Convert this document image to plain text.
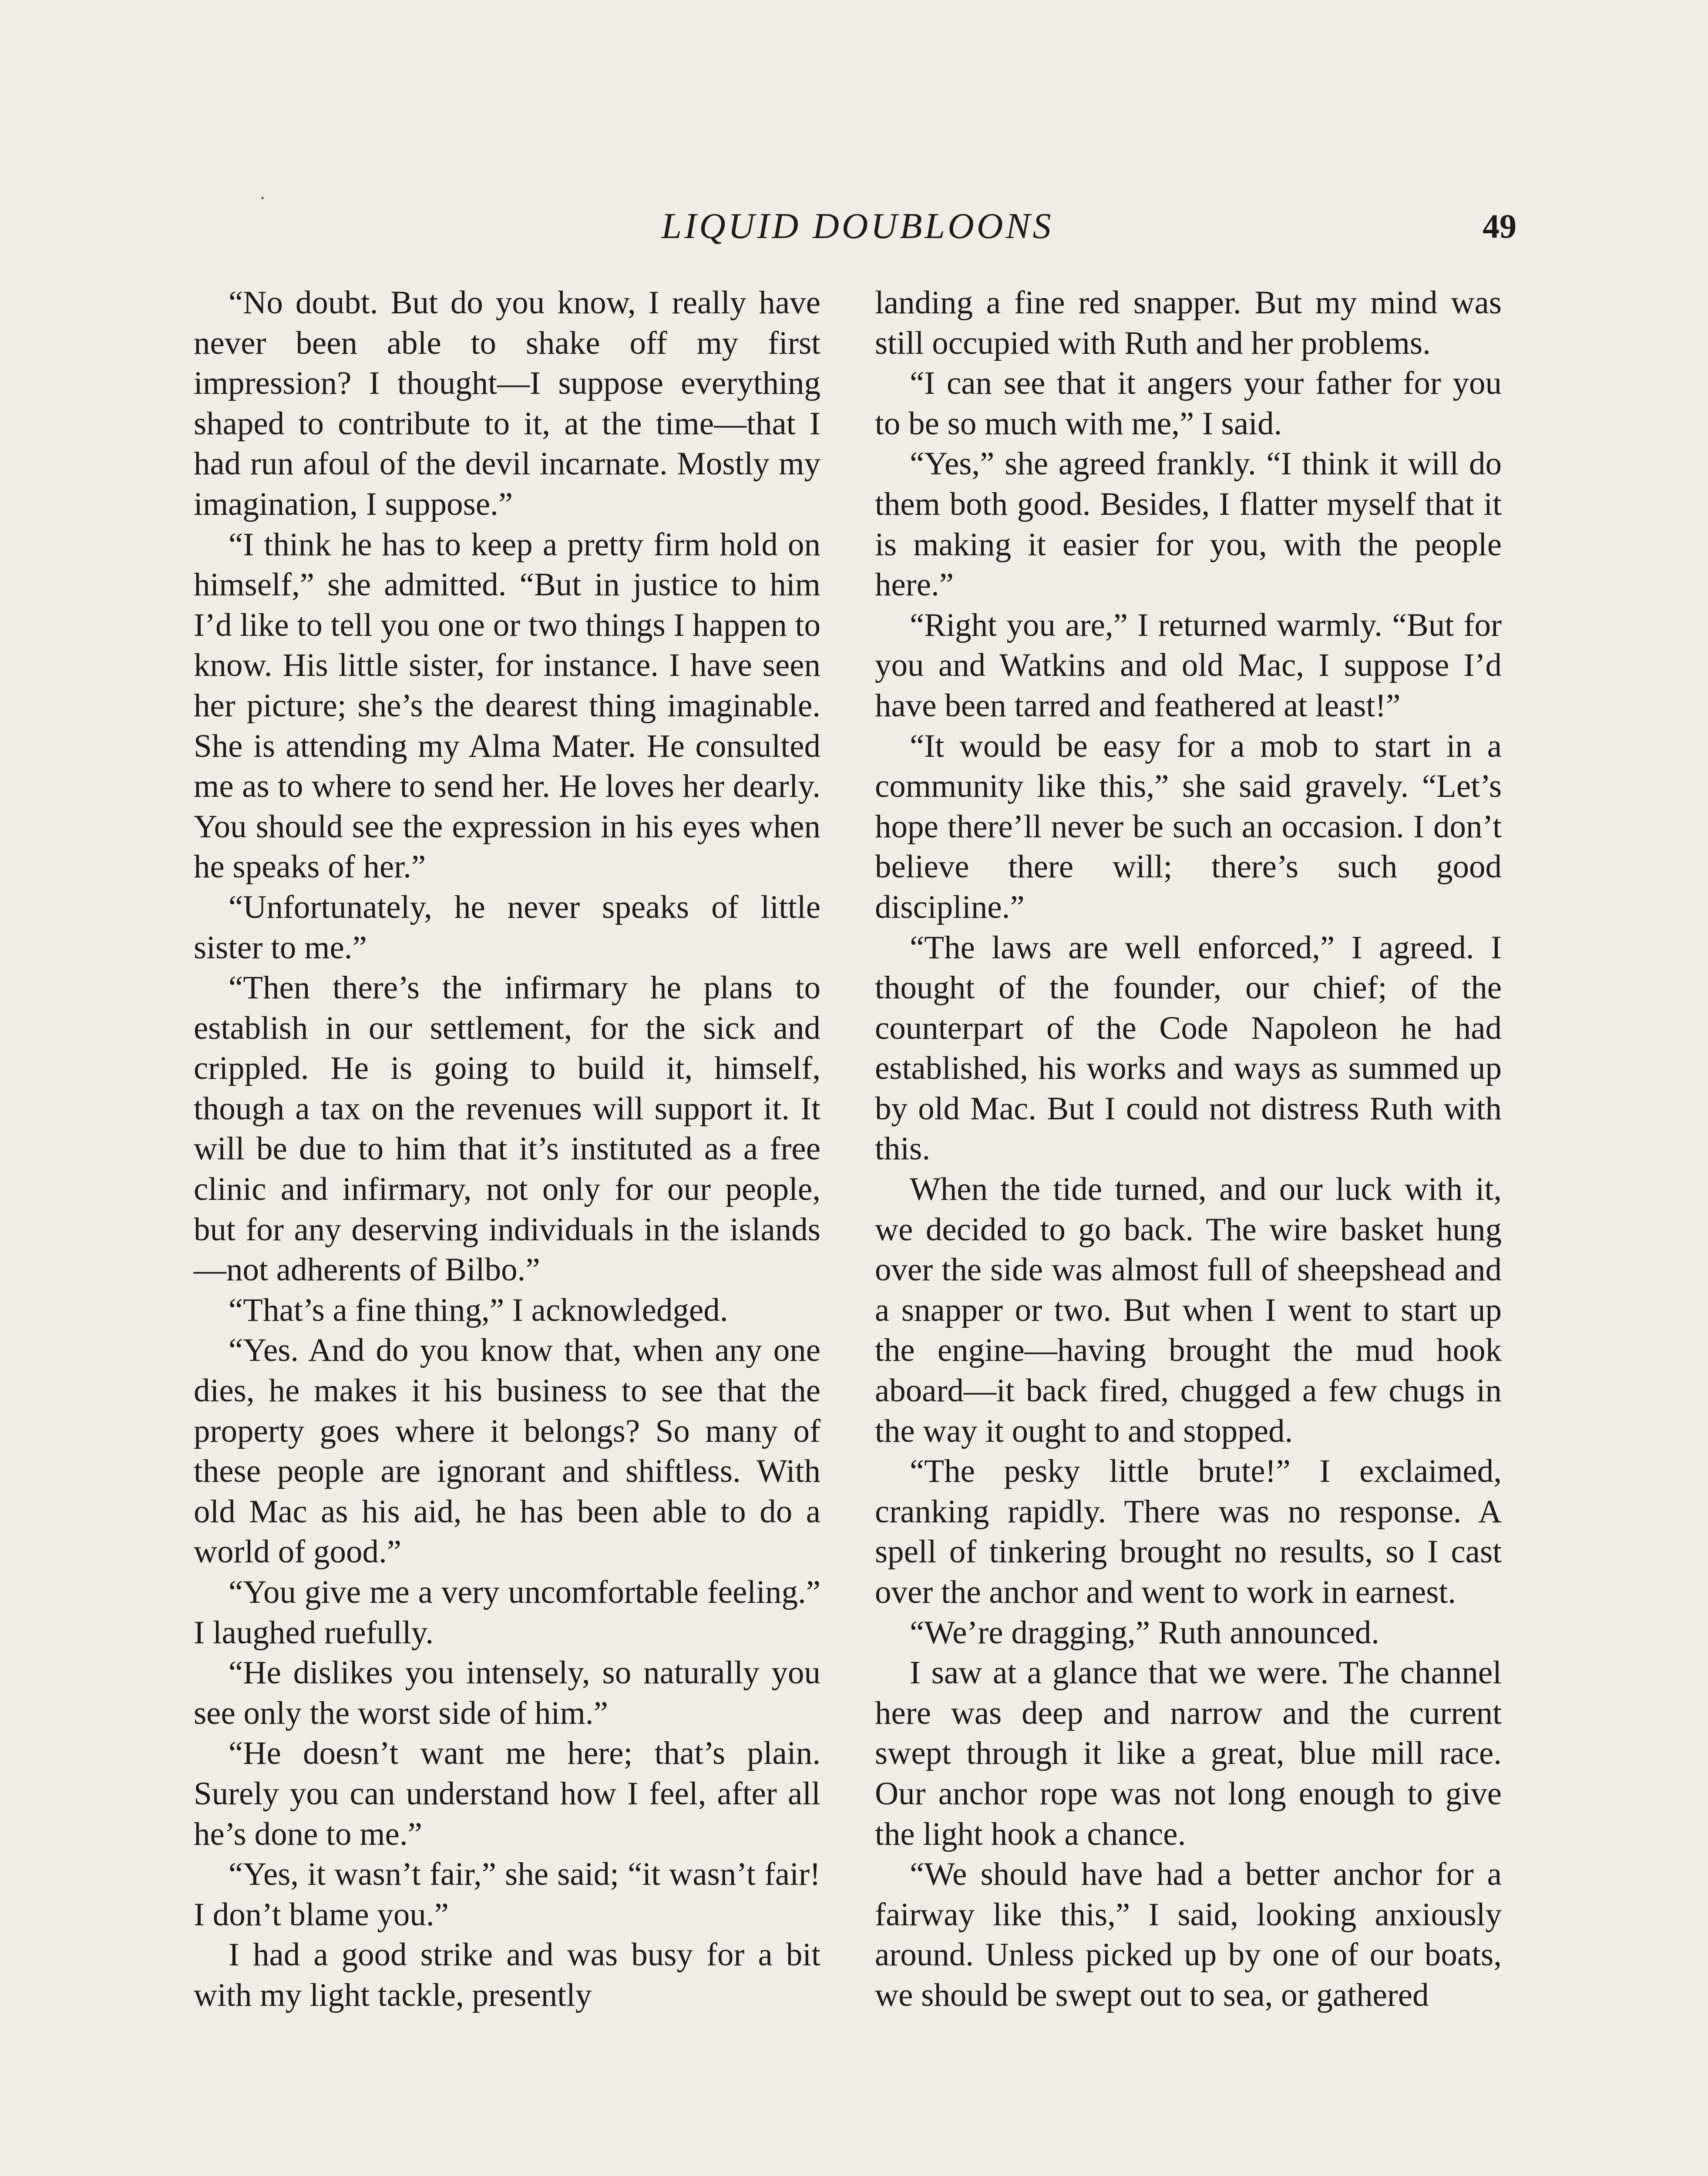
LIQUID DOUBLOONS	49

“No doubt. But do you know, I really have never been able to shake off my first impression? I thought—I suppose everything shaped to contribute to it, at the time—that I had run afoul of the devil incarnate. Mostly my imagination, I suppose.”

“I think he has to keep a pretty firm hold on himself,” she admitted. “But in justice to him I’d like to tell you one or two things I happen to know. His little sister, for instance. I have seen her picture; she’s the dearest thing imaginable. She is attending my Alma Mater. He consulted me as to where to send her. He loves her dearly. You should see the expression in his eyes when he speaks of her.”

“Unfortunately, he never speaks of little sister to me.”

“Then there’s the infirmary he plans to establish in our settlement, for the sick and crippled. He is going to build it, himself, though a tax on the revenues will support it. It will be due to him that it’s instituted as a free clinic and infirmary, not only for our people, but for any deserving individuals in the islands—not adherents of Bilbo.”

“That’s a fine thing,” I acknowledged.

“Yes. And do you know that, when any one dies, he makes it his business to see that the property goes where it belongs? So many of these people are ignorant and shiftless. With old Mac as his aid, he has been able to do a world of good.”

“You give me a very uncomfortable feeling.” I laughed ruefully.

“He dislikes you intensely, so naturally you see only the worst side of him.”

“He doesn’t want me here; that’s plain. Surely you can understand how I feel, after all he’s done to me.”

“Yes, it wasn’t fair,” she said; “it wasn’t fair! I don’t blame you.”

I had a good strike and was busy for a bit with my light tackle, presently

landing a fine red snapper. But my mind was still occupied with Ruth and her problems.

“I can see that it angers your father for you to be so much with me,” I said.

“Yes,” she agreed frankly. “I think it will do them both good. Besides, I flatter myself that it is making it easier for you, with the people here.”

“Right you are,” I returned warmly. “But for you and Watkins and old Mac, I suppose I’d have been tarred and feathered at least!”

“It would be easy for a mob to start in a community like this,” she said gravely. “Let’s hope there’ll never be such an occasion. I don’t believe there will; there’s such good discipline.”

“The laws are well enforced,” I agreed. I thought of the founder, our chief; of the counterpart of the Code Napoleon he had established, his works and ways as summed up by old Mac. But I could not distress Ruth with this.

When the tide turned, and our luck with it, we decided to go back. The wire basket hung over the side was almost full of sheepshead and a snapper or two. But when I went to start up the engine—having brought the mud hook aboard—it back fired, chugged a few chugs in the way it ought to and stopped.

“The pesky little brute!” I exclaimed, cranking rapidly. There was no response. A spell of tinkering brought no results, so I cast over the anchor and went to work in earnest.

“We’re dragging,” Ruth announced.

I saw at a glance that we were. The channel here was deep and narrow and the current swept through it like a great, blue mill race. Our anchor rope was not long enough to give the light hook a chance.

“We should have had a better anchor for a fairway like this,” I said, looking anxiously around. Unless picked up by one of our boats, we should be swept out to sea, or gathered
